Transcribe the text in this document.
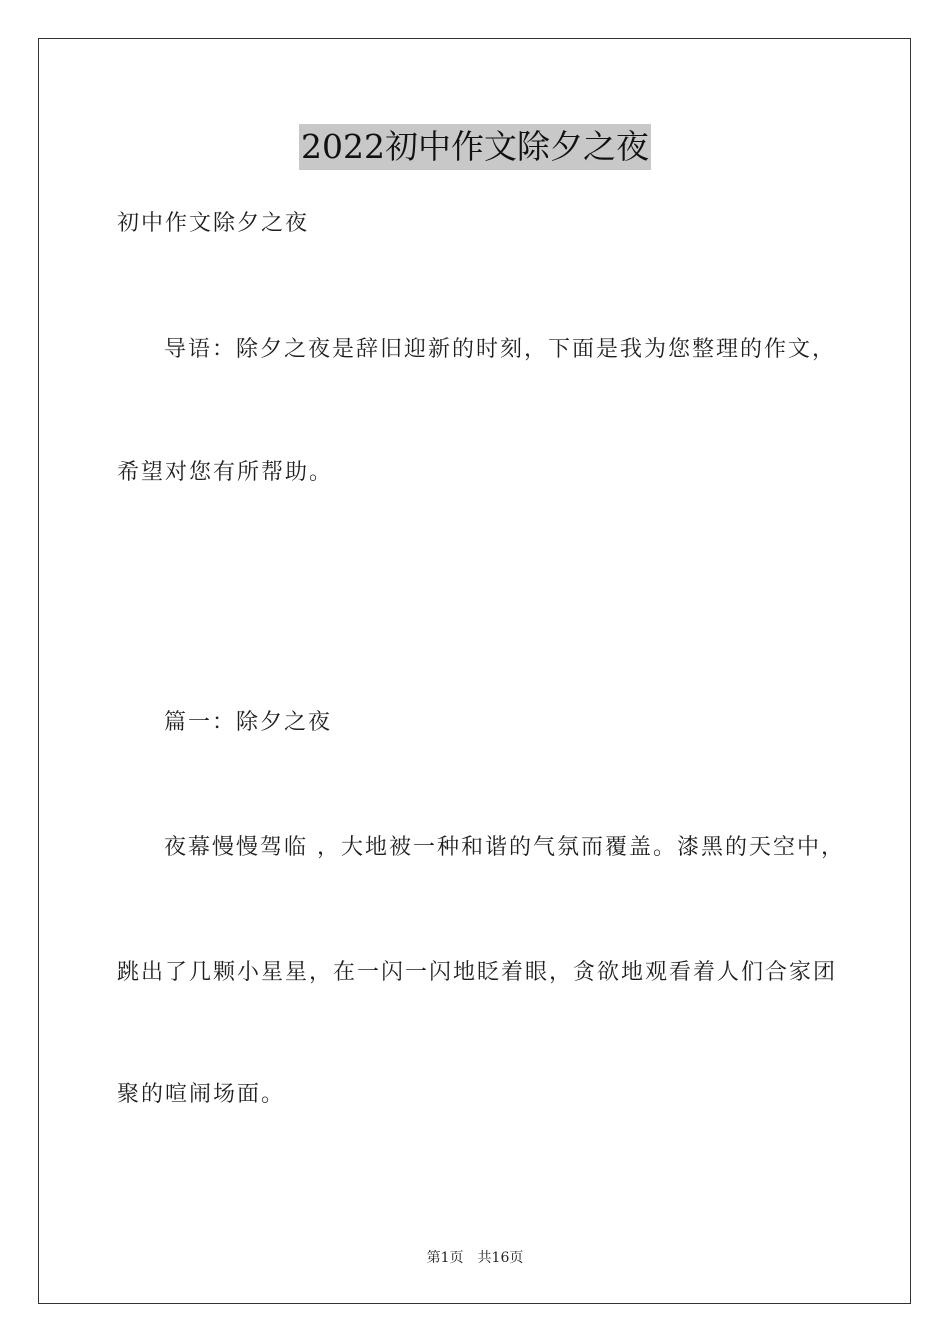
2022初中作文除夕之夜
初中作文除夕之夜
导语：除夕之夜是辞旧迎新的时刻，下面是我为您整理的作文，
希望对您有所帮助。
篇一：除夕之夜
夜幕慢慢驾临 ，大地被一种和谐的气氛而覆盖。漆黑的天空中，
跳出了几颗小星星，在一闪一闪地眨着眼，贪欲地观看着人们合家团
聚的喧闹场面。
第1页 共16页
